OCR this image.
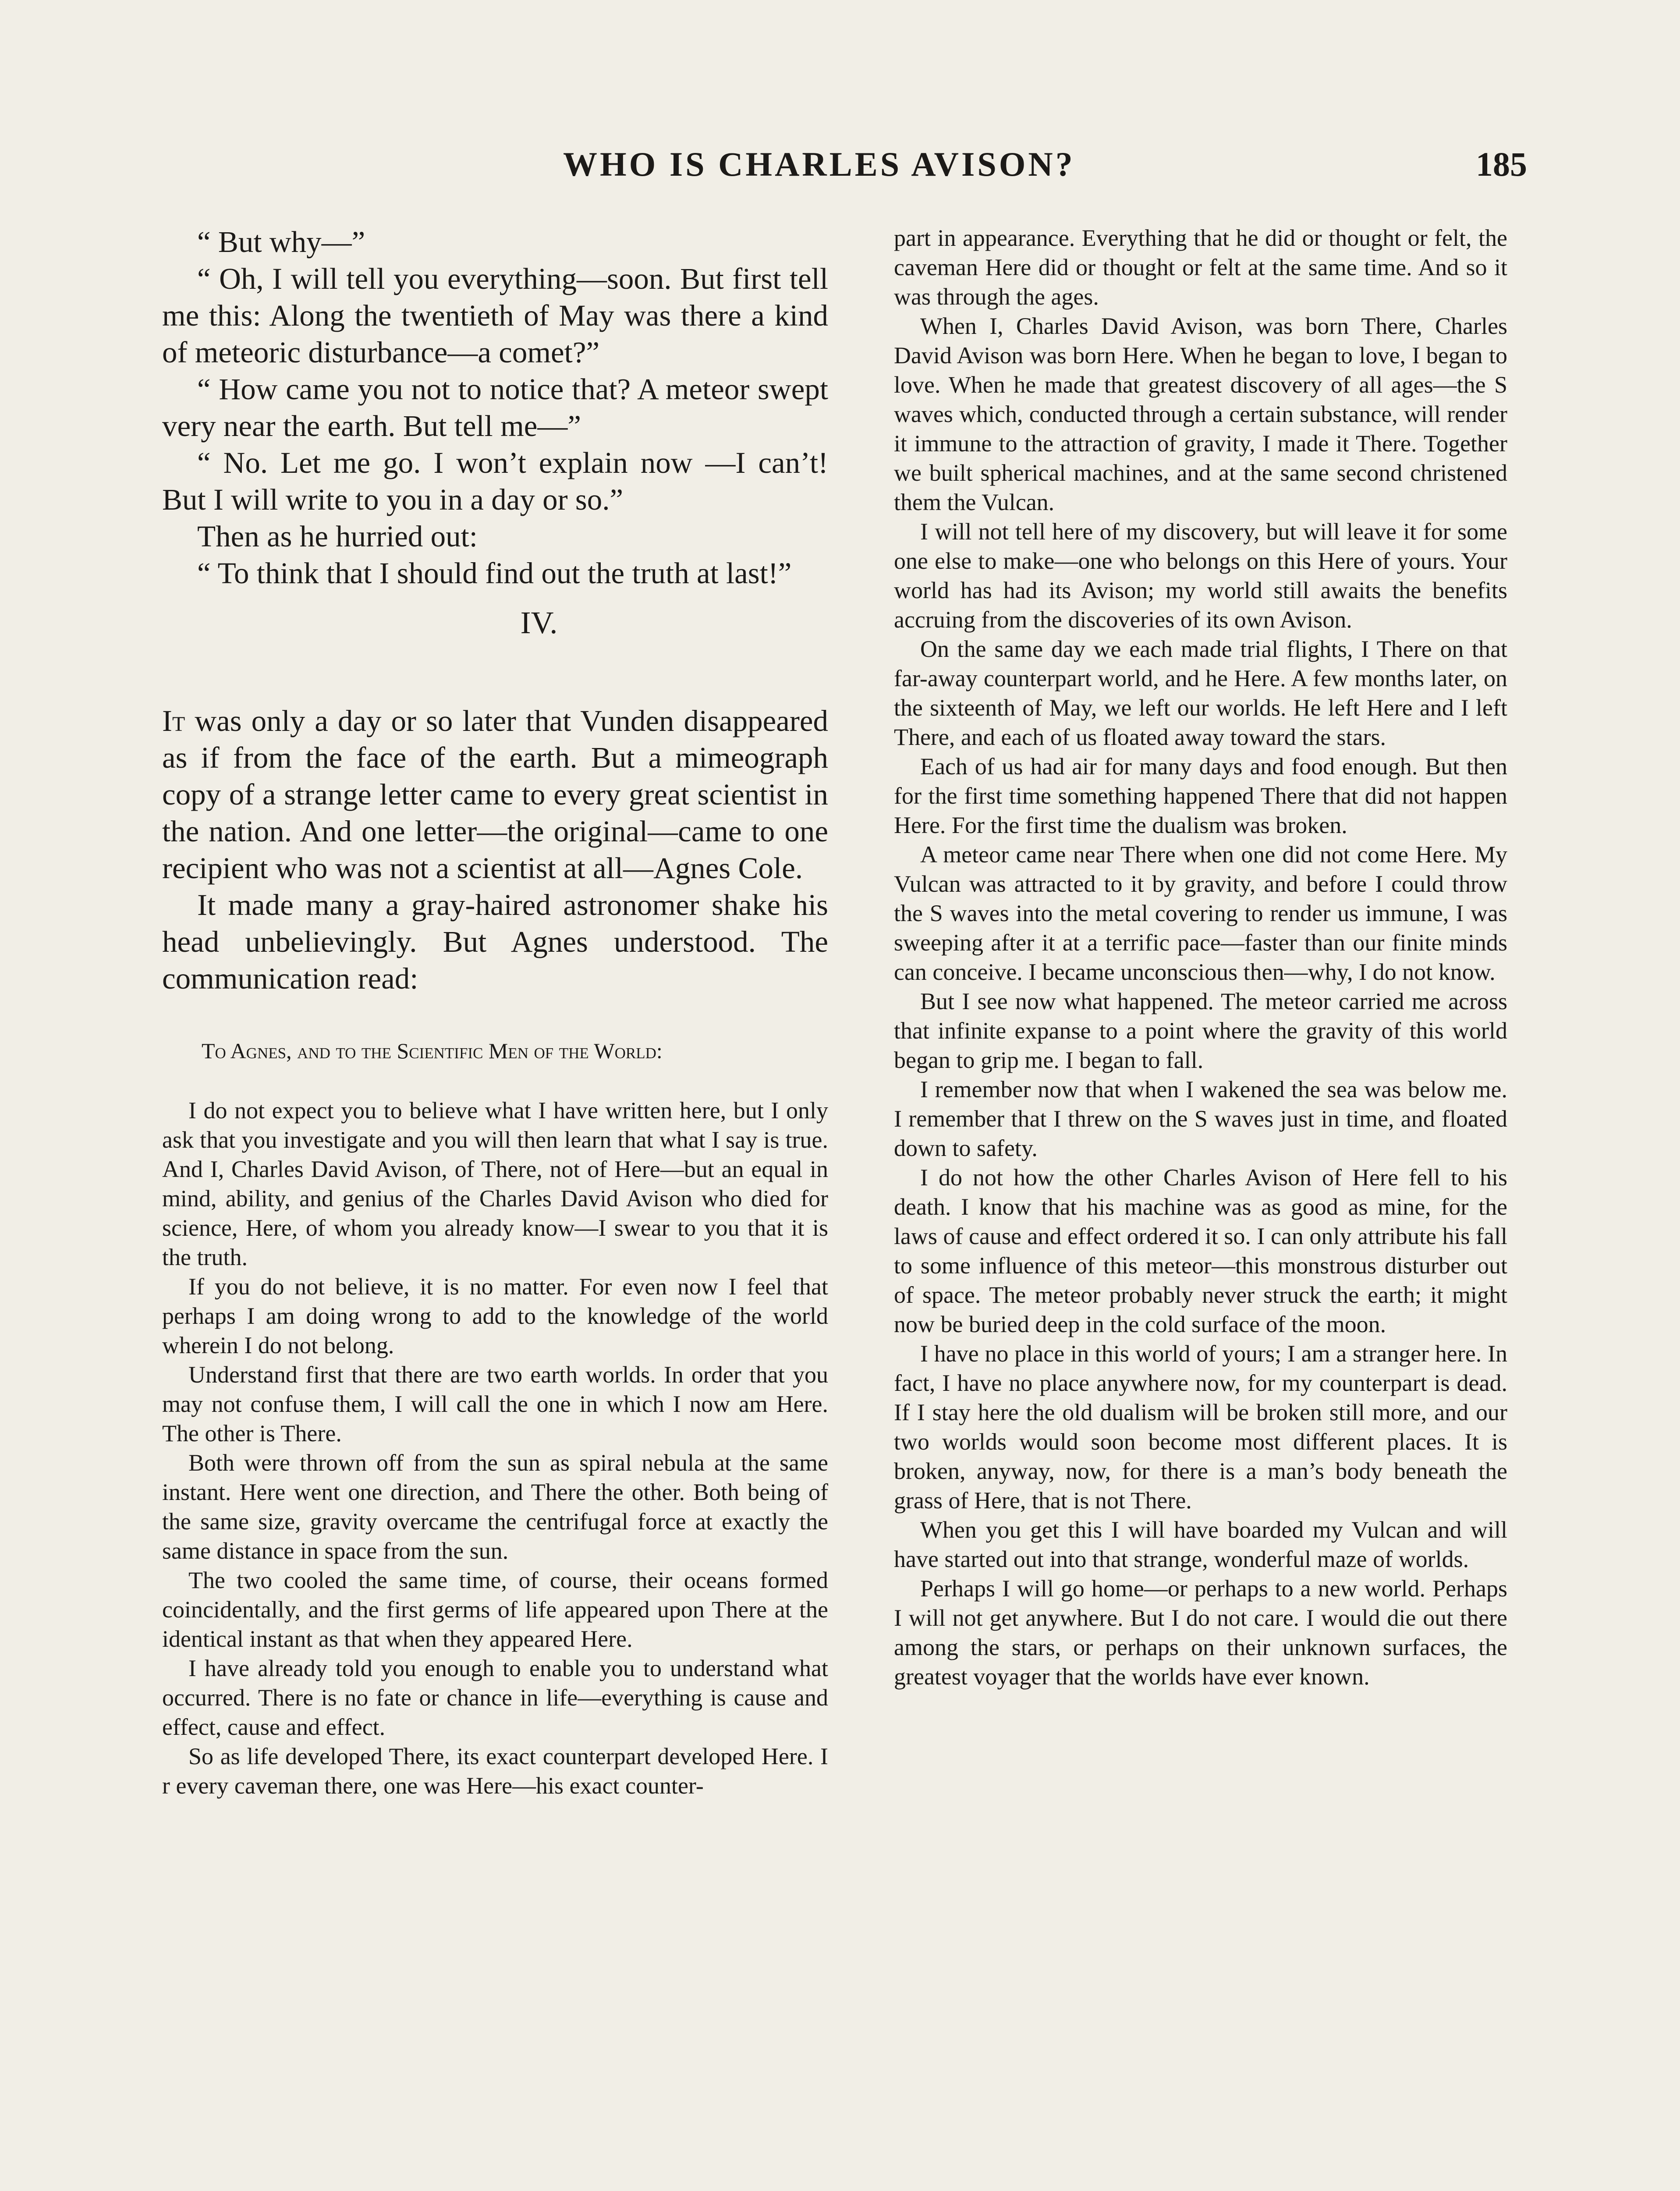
WHO IS CHARLES AVISON?	185

“ But why—”

“ Oh, I will tell you everything—soon. But first tell me this: Along the twentieth of May was there a kind of meteoric disturbance—a comet?”

“ How came you not to notice that? A meteor swept very near the earth. But tell me—”

“ No. Let me go. I won’t explain now —I can’t! But I will write to you in a day or so.”

Then as he hurried out:

“ To think that I should find out the truth at last!”

IV.

It was only a day or so later that Vunden disappeared as if from the face of the earth. But a mimeograph copy of a strange letter came to every great scientist in the nation. And one letter—the original—came to one recipient who was not a scientist at all—Agnes Cole.

It made many a gray-haired astronomer shake his head unbelievingly. But Agnes understood. The communication read:

To Agnes, and to the Scientific Men of the World:

I do not expect you to believe what I have written here, but I only ask that you investigate and you will then learn that what I say is true. And I, Charles David Avison, of There, not of Here—but an equal in mind, ability, and genius of the Charles David Avison who died for science, Here, of whom you already know—I swear to you that it is the truth.

If you do not believe, it is no matter. For even now I feel that perhaps I am doing wrong to add to the knowledge of the world wherein I do not belong.

Understand first that there are two earth worlds. In order that you may not confuse them, I will call the one in which I now am Here. The other is There.

Both were thrown off from the sun as spiral nebula at the same instant. Here went one direction, and There the other. Both being of the same size, gravity overcame the centrifugal force at exactly the same distance in space from the sun.

The two cooled the same time, of course, their oceans formed coincidentally, and the first germs of life appeared upon There at the identical instant as that when they appeared Here.

I have already told you enough to enable you to understand what occurred. There is no fate or chance in life—everything is cause and effect, cause and effect.

So as life developed There, its exact counterpart developed Here. I r every caveman there, one was Here—his exact counter-

part in appearance. Everything that he did or thought or felt, the caveman Here did or thought or felt at the same time. And so it was through the ages.

When I, Charles David Avison, was born There, Charles David Avison was born Here. When he began to love, I began to love. When he made that greatest discovery of all ages—the S waves which, conducted through a certain substance, will render it immune to the attraction of gravity, I made it There. Together we built spherical machines, and at the same second christened them the Vulcan.

I will not tell here of my discovery, but will leave it for some one else to make—one who belongs on this Here of yours. Your world has had its Avison; my world still awaits the benefits accruing from the discoveries of its own Avison.

On the same day we each made trial flights, I There on that far-away counterpart world, and he Here. A few months later, on the sixteenth of May, we left our worlds. He left Here and I left There, and each of us floated away toward the stars.

Each of us had air for many days and food enough. But then for the first time something happened There that did not happen Here. For the first time the dualism was broken.

A meteor came near There when one did not come Here. My Vulcan was attracted to it by gravity, and before I could throw the S waves into the metal covering to render us immune, I was sweeping after it at a terrific pace—faster than our finite minds can conceive. I became unconscious then—why, I do not know.

But I see now what happened. The meteor carried me across that infinite expanse to a point where the gravity of this world began to grip me. I began to fall.

I remember now that when I wakened the sea was below me. I remember that I threw on the S waves just in time, and floated down to safety.

I do not how the other Charles Avison of Here fell to his death. I know that his machine was as good as mine, for the laws of cause and effect ordered it so. I can only attribute his fall to some influence of this meteor—this monstrous disturber out of space. The meteor probably never struck the earth; it might now be buried deep in the cold surface of the moon.

I have no place in this world of yours; I am a stranger here. In fact, I have no place anywhere now, for my counterpart is dead. If I stay here the old dualism will be broken still more, and our two worlds would soon become most different places. It is broken, anyway, now, for there is a man’s body beneath the grass of Here, that is not There.

When you get this I will have boarded my Vulcan and will have started out into that strange, wonderful maze of worlds.

Perhaps I will go home—or perhaps to a new world. Perhaps I will not get anywhere. But I do not care. I would die out there among the stars, or perhaps on their unknown surfaces, the greatest voyager that the worlds have ever known.
